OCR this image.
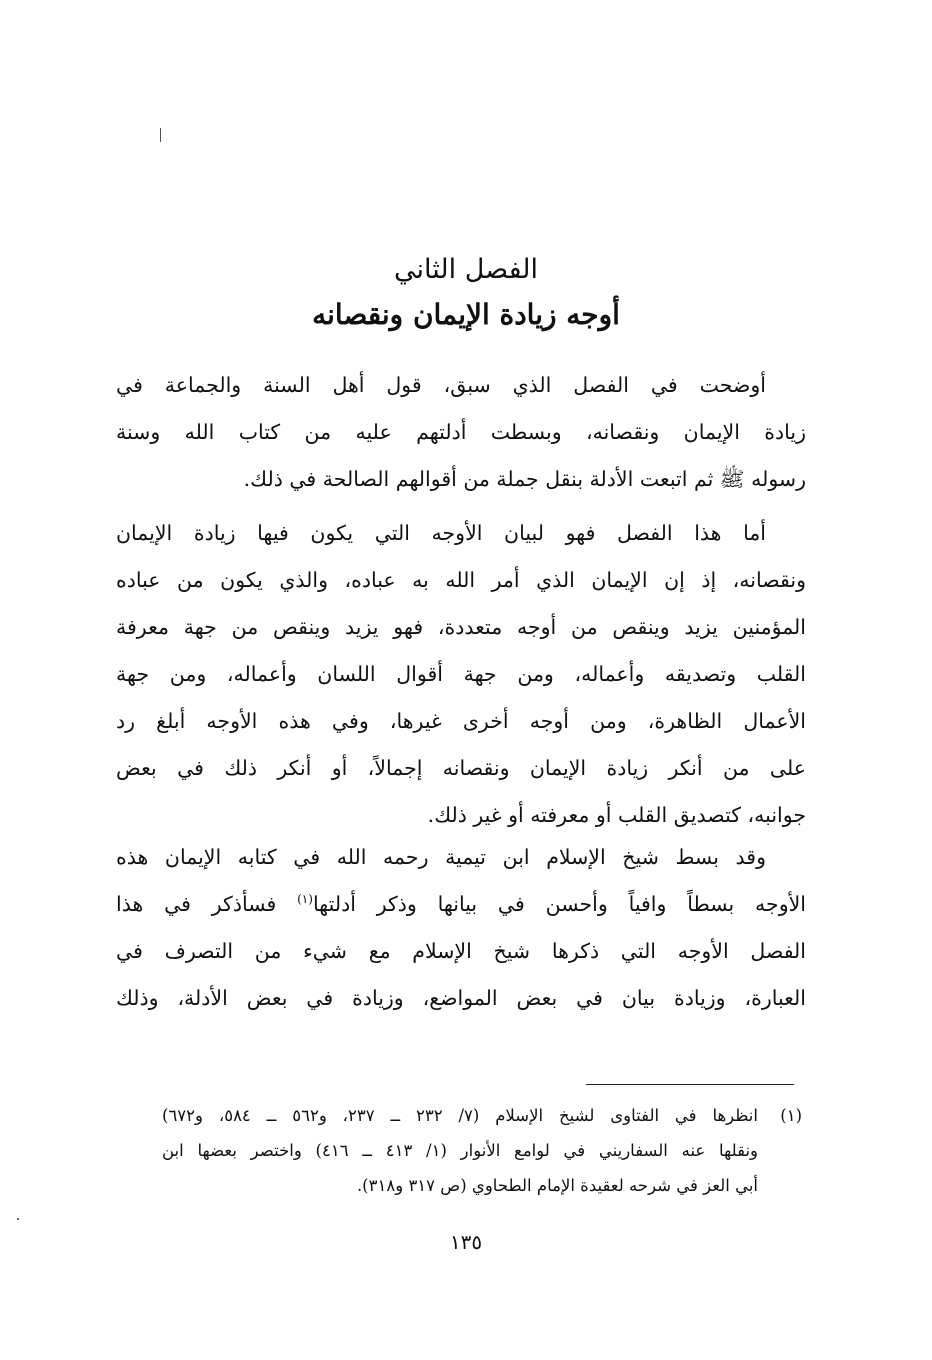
الفصل الثاني
أوجه زيادة الإيمان ونقصانه
أوضحت في الفصل الذي سبق، قول أهل السنة والجماعة في
زيادة الإيمان ونقصانه، وبسطت أدلتهم عليه من كتاب الله وسنة
رسوله ﷺ ثم اتبعت الأدلة بنقل جملة من أقوالهم الصالحة في ذلك.
أما هذا الفصل فهو لبيان الأوجه التي يكون فيها زيادة الإيمان
ونقصانه، إذ إن الإيمان الذي أمر الله به عباده، والذي يكون من عباده
المؤمنين يزيد وينقص من أوجه متعددة، فهو يزيد وينقص من جهة معرفة
القلب وتصديقه وأعماله، ومن جهة أقوال اللسان وأعماله، ومن جهة
الأعمال الظاهرة، ومن أوجه أخرى غيرها، وفي هذه الأوجه أبلغ رد
على من أنكر زيادة الإيمان ونقصانه إجمالاً، أو أنكر ذلك في بعض
جوانبه، كتصديق القلب أو معرفته أو غير ذلك.
وقد بسط شيخ الإسلام ابن تيمية رحمه الله في كتابه الإيمان هذه
الأوجه بسطاً وافياً وأحسن في بيانها وذكر أدلتها$^{(١)}$ فسأذكر في هذا
الفصل الأوجه التي ذكرها شيخ الإسلام مع شيء من التصرف في
العبارة، وزيادة بيان في بعض المواضع، وزيادة في بعض الأدلة، وذلك
(١)انظرها في الفتاوى لشيخ الإسلام (٧/ ٢٣٢ ــ ٢٣٧، و٥٦٢ ــ ٥٨٤، و٦٧٢)
ونقلها عنه السفاريني في لوامع الأنوار (١/ ٤١٣ ــ ٤١٦) واختصر بعضها ابن
أبي العز في شرحه لعقيدة الإمام الطحاوي (ص ٣١٧ و٣١٨).
١٣٥
